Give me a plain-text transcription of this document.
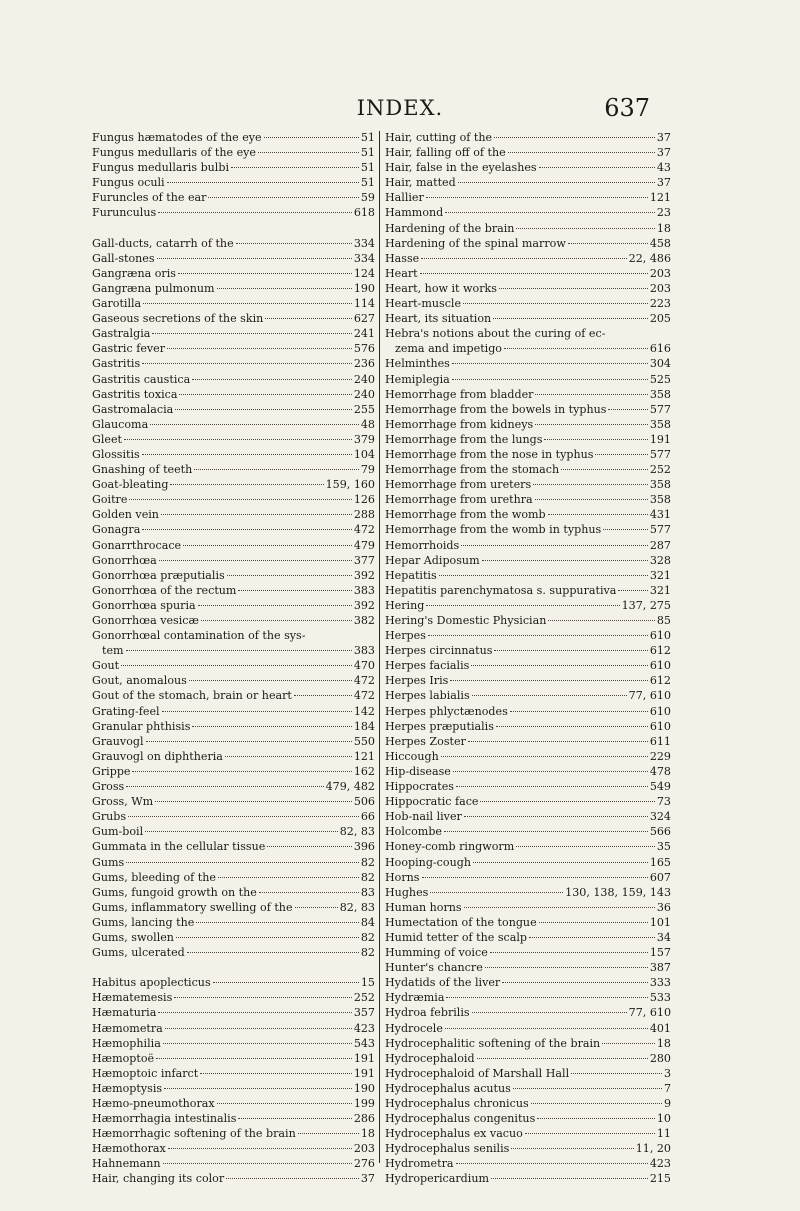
INDEX.	637
Fungus hæmatodes of the eye	51
Fungus medullaris of the eye	51
Fungus medullaris bulbi	51
Fungus oculi	51
Furuncles of the ear	59
Furunculus	618
Gall-ducts, catarrh of the	334
Gall-stones	334
Gangræna oris	124
Gangræna pulmonum	190
Garotilla	114
Gaseous secretions of the skin	627
Gastralgia	241
Gastric fever	576
Gastritis	236
Gastritis caustica	240
Gastritis toxica	240
Gastromalacia	255
Glaucoma	48
Gleet	379
Glossitis	104
Gnashing of teeth	79
Goat-bleating	159, 160
Goitre	126
Golden vein	288
Gonagra	472
Gonarrthrocace	479
Gonorrhœa	377
Gonorrhœa præputialis	392
Gonorrhœa of the rectum	383
Gonorrhœa spuria	392
Gonorrhœa vesicæ	382
Gonorrhœal contamination of the sys-
tem	383
Gout	470
Gout, anomalous	472
Gout of the stomach, brain or heart	472
Grating-feel	142
Granular phthisis	184
Grauvogl	550
Grauvogl on diphtheria	121
Grippe	162
Gross	479, 482
Gross, Wm	506
Grubs	66
Gum-boil	82, 83
Gummata in the cellular tissue	396
Gums	82
Gums, bleeding of the	82
Gums, fungoid growth on the	83
Gums, inflammatory swelling of the	82, 83
Gums, lancing the	84
Gums, swollen	82
Gums, ulcerated	82
Habitus apoplecticus	15
Hæmatemesis	252
Hæmaturia	357
Hæmometra	423
Hæmophilia	543
Hæmoptoë	191
Hæmoptoic infarct	191
Hæmoptysis	190
Hæmo-pneumothorax	199
Hæmorrhagia intestinalis	286
Hæmorrhagic softening of the brain	18
Hæmothorax	203
Hahnemann	276
Hair, changing its color	37
Hair, cutting of the	37
Hair, falling off of the	37
Hair, false in the eyelashes	43
Hair, matted	37
Hallier	121
Hammond	23
Hardening of the brain	18
Hardening of the spinal marrow	458
Hasse	22, 486
Heart	203
Heart, how it works	203
Heart-muscle	223
Heart, its situation	205
Hebra's notions about the curing of ec-
zema and impetigo	616
Helminthes	304
Hemiplegia	525
Hemorrhage from bladder	358
Hemorrhage from the bowels in typhus	577
Hemorrhage from kidneys	358
Hemorrhage from the lungs	191
Hemorrhage from the nose in typhus	577
Hemorrhage from the stomach	252
Hemorrhage from ureters	358
Hemorrhage from urethra	358
Hemorrhage from the womb	431
Hemorrhage from the womb in typhus	577
Hemorrhoids	287
Hepar Adiposum	328
Hepatitis	321
Hepatitis parenchymatosa s. suppurativa	321
Hering	137, 275
Hering's Domestic Physician	85
Herpes	610
Herpes circinnatus	612
Herpes facialis	610
Herpes Iris	612
Herpes labialis	77, 610
Herpes phlyctænodes	610
Herpes præputialis	610
Herpes Zoster	611
Hiccough	229
Hip-disease	478
Hippocrates	549
Hippocratic face	73
Hob-nail liver	324
Holcombe	566
Honey-comb ringworm	35
Hooping-cough	165
Horns	607
Hughes	130, 138, 159, 143
Human horns	36
Humectation of the tongue	101
Humid tetter of the scalp	34
Humming of voice	157
Hunter's chancre	387
Hydatids of the liver	333
Hydræmia	533
Hydroa febrilis	77, 610
Hydrocele	401
Hydrocephalitic softening of the brain	18
Hydrocephaloid	280
Hydrocephaloid of Marshall Hall	3
Hydrocephalus acutus	7
Hydrocephalus chronicus	9
Hydrocephalus congenitus	10
Hydrocephalus ex vacuo	11
Hydrocephalus senilis	11, 20
Hydrometra	423
Hydropericardium	215
